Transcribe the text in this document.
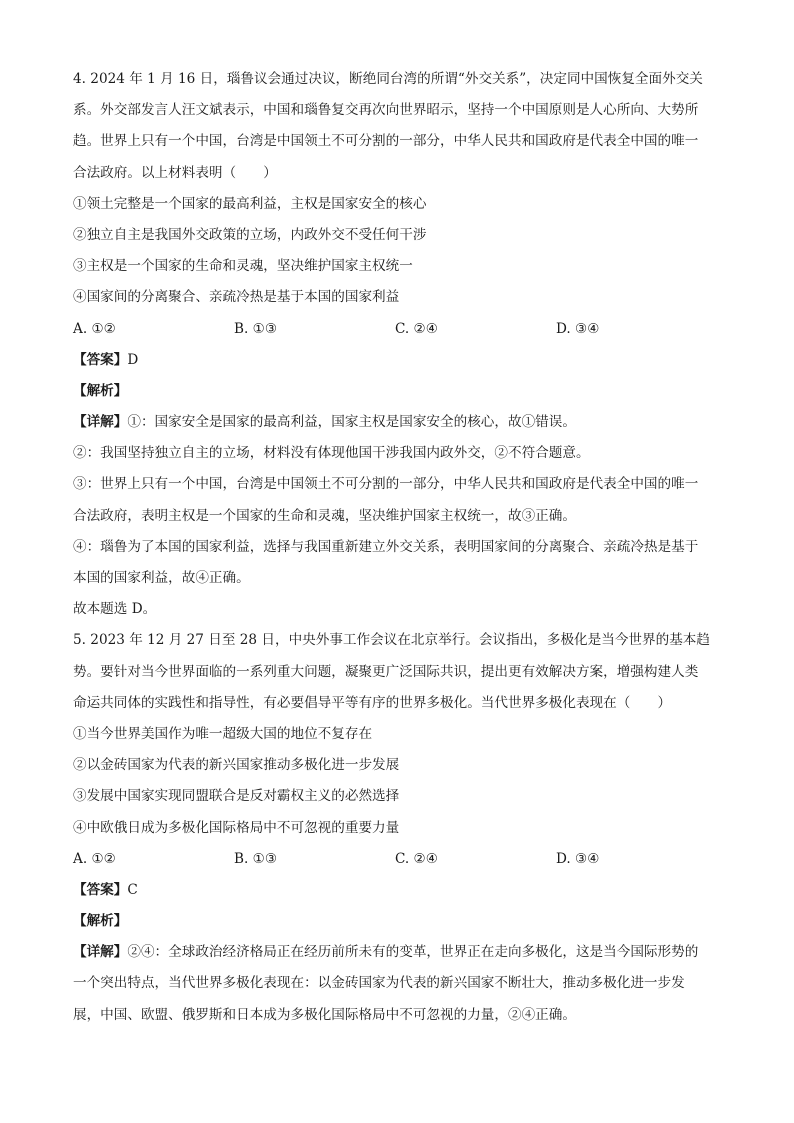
4. 2024 年 1 月 16 日，瑙鲁议会通过决议，断绝同台湾的所谓“外交关系”，决定同中国恢复全面外交关
系。外交部发言人汪文斌表示，中国和瑙鲁复交再次向世界昭示，坚持一个中国原则是人心所向、大势所
趋。世界上只有一个中国，台湾是中国领土不可分割的一部分，中华人民共和国政府是代表全中国的唯一
合法政府。以上材料表明（　　）
①领土完整是一个国家的最高利益，主权是国家安全的核心
②独立自主是我国外交政策的立场，内政外交不受任何干涉
③主权是一个国家的生命和灵魂，坚决维护国家主权统一
④国家间的分离聚合、亲疏冷热是基于本国的国家利益
A. ①②	B. ①③	C. ②④	D. ③④
【答案】D
【解析】
【详解】①：国家安全是国家的最高利益，国家主权是国家安全的核心，故①错误。
②：我国坚持独立自主的立场，材料没有体现他国干涉我国内政外交，②不符合题意。
③：世界上只有一个中国，台湾是中国领土不可分割的一部分，中华人民共和国政府是代表全中国的唯一
合法政府，表明主权是一个国家的生命和灵魂，坚决维护国家主权统一，故③正确。
④：瑙鲁为了本国的国家利益，选择与我国重新建立外交关系，表明国家间的分离聚合、亲疏冷热是基于
本国的国家利益，故④正确。
故本题选 D。
5. 2023 年 12 月 27 日至 28 日，中央外事工作会议在北京举行。会议指出，多极化是当今世界的基本趋
势。要针对当今世界面临的一系列重大问题，凝聚更广泛国际共识，提出更有效解决方案，增强构建人类
命运共同体的实践性和指导性，有必要倡导平等有序的世界多极化。当代世界多极化表现在（　　）
①当今世界美国作为唯一超级大国的地位不复存在
②以金砖国家为代表的新兴国家推动多极化进一步发展
③发展中国家实现同盟联合是反对霸权主义的必然选择
④中欧俄日成为多极化国际格局中不可忽视的重要力量
A. ①②	B. ①③	C. ②④	D. ③④
【答案】C
【解析】
【详解】②④：全球政治经济格局正在经历前所未有的变革，世界正在走向多极化，这是当今国际形势的
一个突出特点，当代世界多极化表现在：以金砖国家为代表的新兴国家不断壮大，推动多极化进一步发
展，中国、欧盟、俄罗斯和日本成为多极化国际格局中不可忽视的力量，②④正确。
